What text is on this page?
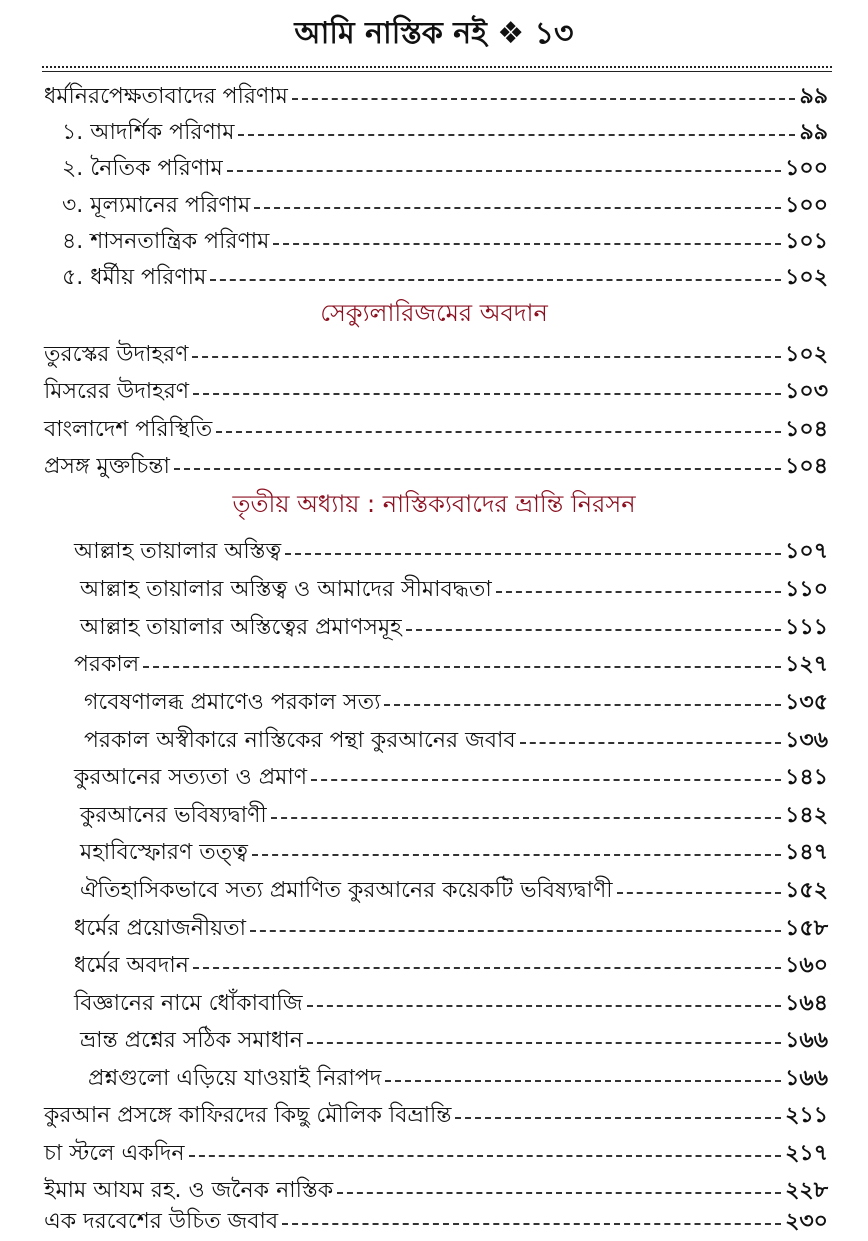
আমি নাস্তিক নই ❖ ১৩
ধর্মনিরপেক্ষতাবাদের পরিণাম	৯৯
১. আদর্শিক পরিণাম	৯৯
২. নৈতিক পরিণাম	১০০
৩. মূল্যমানের পরিণাম	১০০
৪. শাসনতান্ত্রিক পরিণাম	১০১
৫. ধর্মীয় পরিণাম	১০২
সেক্যুলারিজমের অবদান
তুরস্কের উদাহরণ	১০২
মিসরের উদাহরণ	১০৩
বাংলাদেশ পরিস্থিতি	১০৪
প্রসঙ্গ মুক্তচিন্তা	১০৪
তৃতীয় অধ্যায় : নাস্তিক্যবাদের ভ্রান্তি নিরসন
আল্লাহ তায়ালার অস্তিত্ব	১০৭
আল্লাহ তায়ালার অস্তিত্ব ও আমাদের সীমাবদ্ধতা	১১০
আল্লাহ তায়ালার অস্তিত্বের প্রমাণসমূহ	১১১
পরকাল	১২৭
গবেষণালব্ধ প্রমাণেও পরকাল সত্য	১৩৫
পরকাল অস্বীকারে নাস্তিকের পন্থা কুরআনের জবাব	১৩৬
কুরআনের সত্যতা ও প্রমাণ	১৪১
কুরআনের ভবিষ্যদ্বাণী	১৪২
মহাবিস্ফোরণ তত্ত্ব	১৪৭
ঐতিহাসিকভাবে সত্য প্রমাণিত কুরআনের কয়েকটি ভবিষ্যদ্বাণী	১৫২
ধর্মের প্রয়োজনীয়তা	১৫৮
ধর্মের অবদান	১৬০
বিজ্ঞানের নামে ধোঁকাবাজি	১৬৪
ভ্রান্ত প্রশ্নের সঠিক সমাধান	১৬৬
প্রশ্নগুলো এড়িয়ে যাওয়াই নিরাপদ	১৬৬
কুরআন প্রসঙ্গে কাফিরদের কিছু মৌলিক বিভ্রান্তি	২১১
চা স্টলে একদিন	২১৭
ইমাম আযম রহ. ও জনৈক নাস্তিক	২২৮
এক দরবেশের উচিত জবাব	২৩০
